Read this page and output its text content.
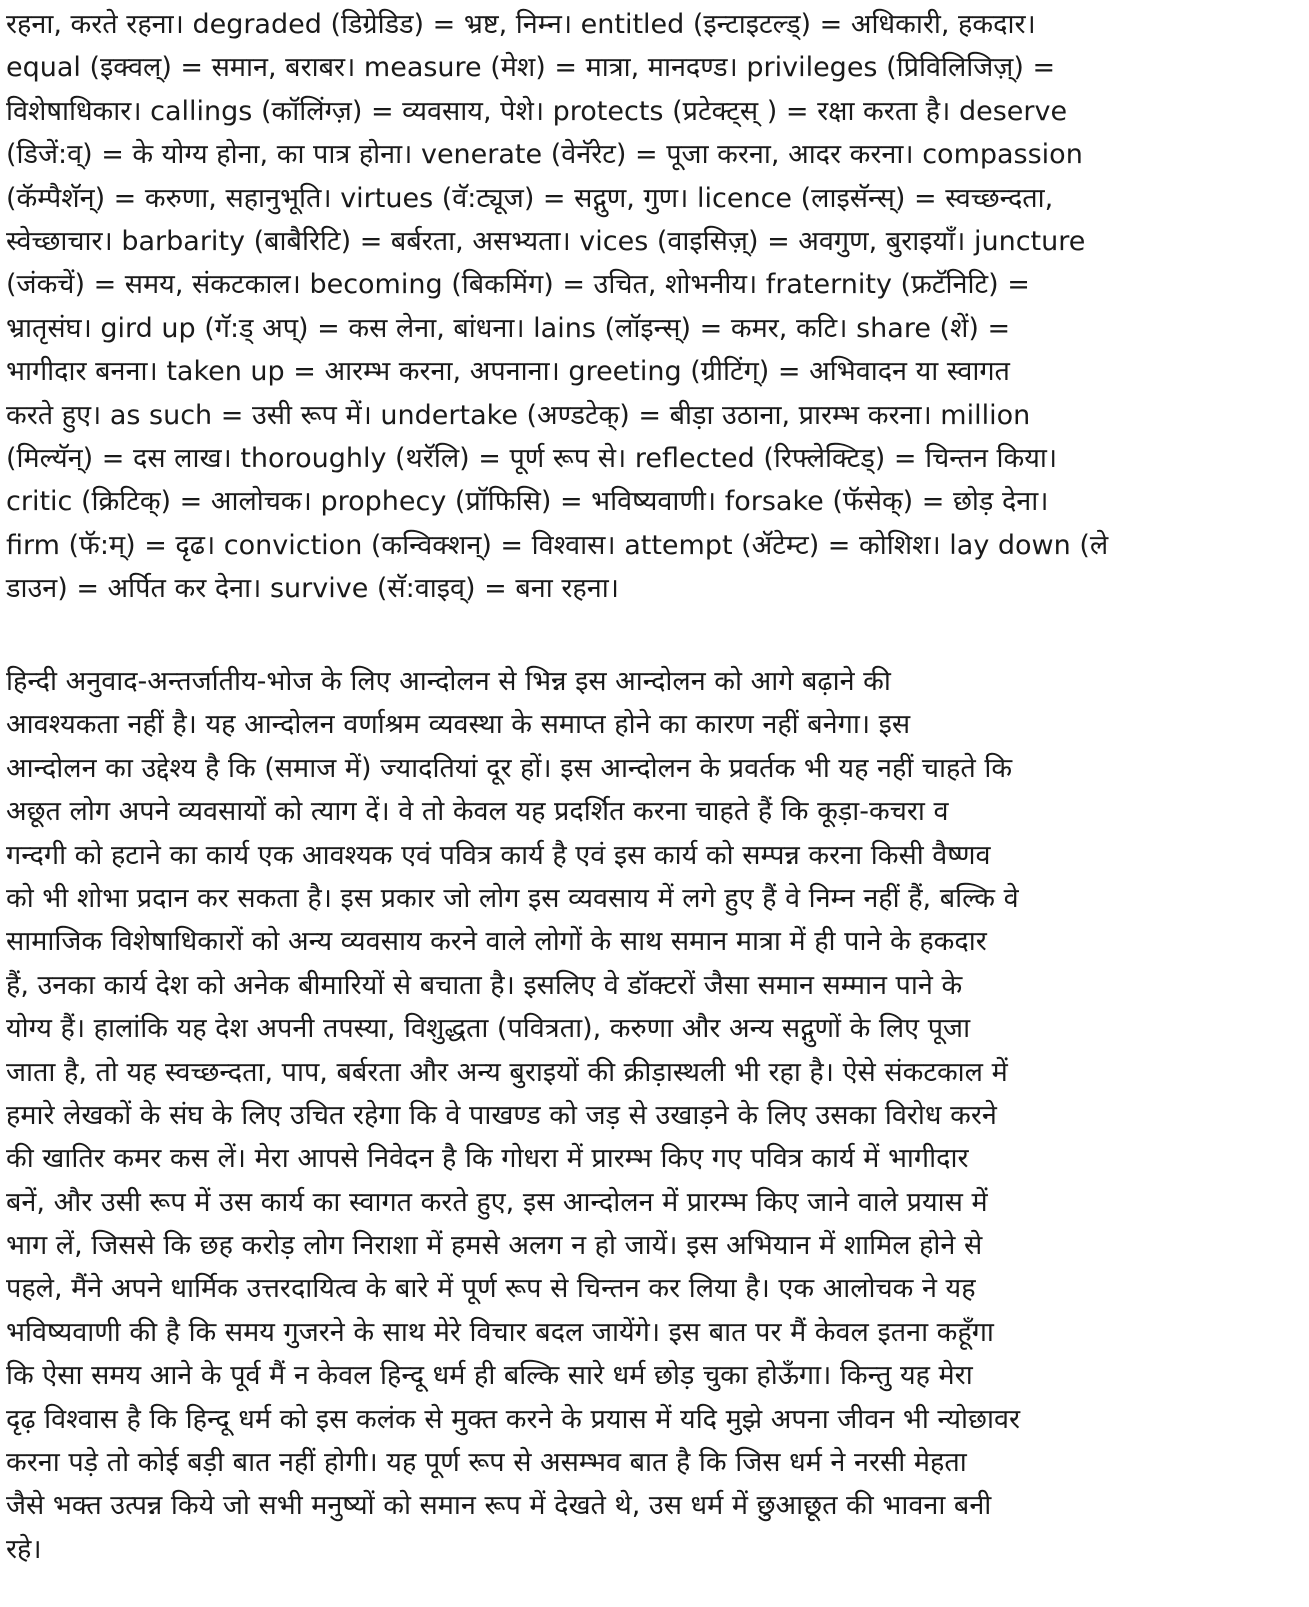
रहना, करते रहना। degraded (डिग्रेडिड) = भ्रष्ट, निम्न। entitled (इन्टाइटल्ड्) = अधिकारी, हकदार।
equal (इक्वल्) = समान, बराबर। measure (मेश) = मात्रा, मानदण्ड। privileges (प्रिविलिजिज़्) =
विशेषाधिकार। callings (कॉलिंग्ज़) = व्यवसाय, पेशे। protects (प्रटेक्ट्स् ) = रक्षा करता है। deserve
(डिजें:व्) = के योग्य होना, का पात्र होना। venerate (वेनॅरेट) = पूजा करना, आदर करना। compassion
(कॅम्पैशॅन्) = करुणा, सहानुभूति। virtues (वॅ:ट्यूज) = सद्गुण, गुण। licence (लाइसॅन्स्) = स्वच्छन्दता,
स्वेच्छाचार। barbarity (बाबैरिटि) = बर्बरता, असभ्यता। vices (वाइसिज़्) = अवगुण, बुराइयाँ। juncture
(जंकचें) = समय, संकटकाल। becoming (बिकमिंग) = उचित, शोभनीय। fraternity (फ्रटॅनिटि) =
भ्रातृसंघ। gird up (गॅ:ड् अप्) = कस लेना, बांधना। lains (लॉइन्स्) = कमर, कटि। share (शें) =
भागीदार बनना। taken up = आरम्भ करना, अपनाना। greeting (ग्रीटिंग्) = अभिवादन या स्वागत
करते हुए। as such = उसी रूप में। undertake (अण्डटेक्) = बीड़ा उठाना, प्रारम्भ करना। million
(मिल्यॅन्) = दस लाख। thoroughly (थरॅलि) = पूर्ण रूप से। reflected (रिफ्लेक्टिड्) = चिन्तन किया।
critic (क्रिटिक्) = आलोचक। prophecy (प्रॉफिसि) = भविष्यवाणी। forsake (फॅसेक्) = छोड़ देना।
firm (फॅ:म्) = दृढ। conviction (कन्विक्शन्) = विश्वास। attempt (ॲटेम्ट) = कोशिश। lay down (ले
डाउन) = अर्पित कर देना। survive (सॅ:वाइव्) = बना रहना।
हिन्दी अनुवाद-अन्तर्जातीय-भोज के लिए आन्दोलन से भिन्न इस आन्दोलन को आगे बढ़ाने की
आवश्यकता नहीं है। यह आन्दोलन वर्णाश्रम व्यवस्था के समाप्त होने का कारण नहीं बनेगा। इस
आन्दोलन का उद्देश्य है कि (समाज में) ज्यादतियां दूर हों। इस आन्दोलन के प्रवर्तक भी यह नहीं चाहते कि
अछूत लोग अपने व्यवसायों को त्याग दें। वे तो केवल यह प्रदर्शित करना चाहते हैं कि कूड़ा-कचरा व
गन्दगी को हटाने का कार्य एक आवश्यक एवं पवित्र कार्य है एवं इस कार्य को सम्पन्न करना किसी वैष्णव
को भी शोभा प्रदान कर सकता है। इस प्रकार जो लोग इस व्यवसाय में लगे हुए हैं वे निम्न नहीं हैं, बल्कि वे
सामाजिक विशेषाधिकारों को अन्य व्यवसाय करने वाले लोगों के साथ समान मात्रा में ही पाने के हकदार
हैं, उनका कार्य देश को अनेक बीमारियों से बचाता है। इसलिए वे डॉक्टरों जैसा समान सम्मान पाने के
योग्य हैं। हालांकि यह देश अपनी तपस्या, विशुद्धता (पवित्रता), करुणा और अन्य सद्गुणों के लिए पूजा
जाता है, तो यह स्वच्छन्दता, पाप, बर्बरता और अन्य बुराइयों की क्रीड़ास्थली भी रहा है। ऐसे संकटकाल में
हमारे लेखकों के संघ के लिए उचित रहेगा कि वे पाखण्ड को जड़ से उखाड़ने के लिए उसका विरोध करने
की खातिर कमर कस लें। मेरा आपसे निवेदन है कि गोधरा में प्रारम्भ किए गए पवित्र कार्य में भागीदार
बनें, और उसी रूप में उस कार्य का स्वागत करते हुए, इस आन्दोलन में प्रारम्भ किए जाने वाले प्रयास में
भाग लें, जिससे कि छह करोड़ लोग निराशा में हमसे अलग न हो जायें। इस अभियान में शामिल होने से
पहले, मैंने अपने धार्मिक उत्तरदायित्व के बारे में पूर्ण रूप से चिन्तन कर लिया है। एक आलोचक ने यह
भविष्यवाणी की है कि समय गुजरने के साथ मेरे विचार बदल जायेंगे। इस बात पर मैं केवल इतना कहूँगा
कि ऐसा समय आने के पूर्व मैं न केवल हिन्दू धर्म ही बल्कि सारे धर्म छोड़ चुका होऊँगा। किन्तु यह मेरा
दृढ़ विश्वास है कि हिन्दू धर्म को इस कलंक से मुक्त करने के प्रयास में यदि मुझे अपना जीवन भी न्योछावर
करना पड़े तो कोई बड़ी बात नहीं होगी। यह पूर्ण रूप से असम्भव बात है कि जिस धर्म ने नरसी मेहता
जैसे भक्त उत्पन्न किये जो सभी मनुष्यों को समान रूप में देखते थे, उस धर्म में छुआछूत की भावना बनी
रहे।
